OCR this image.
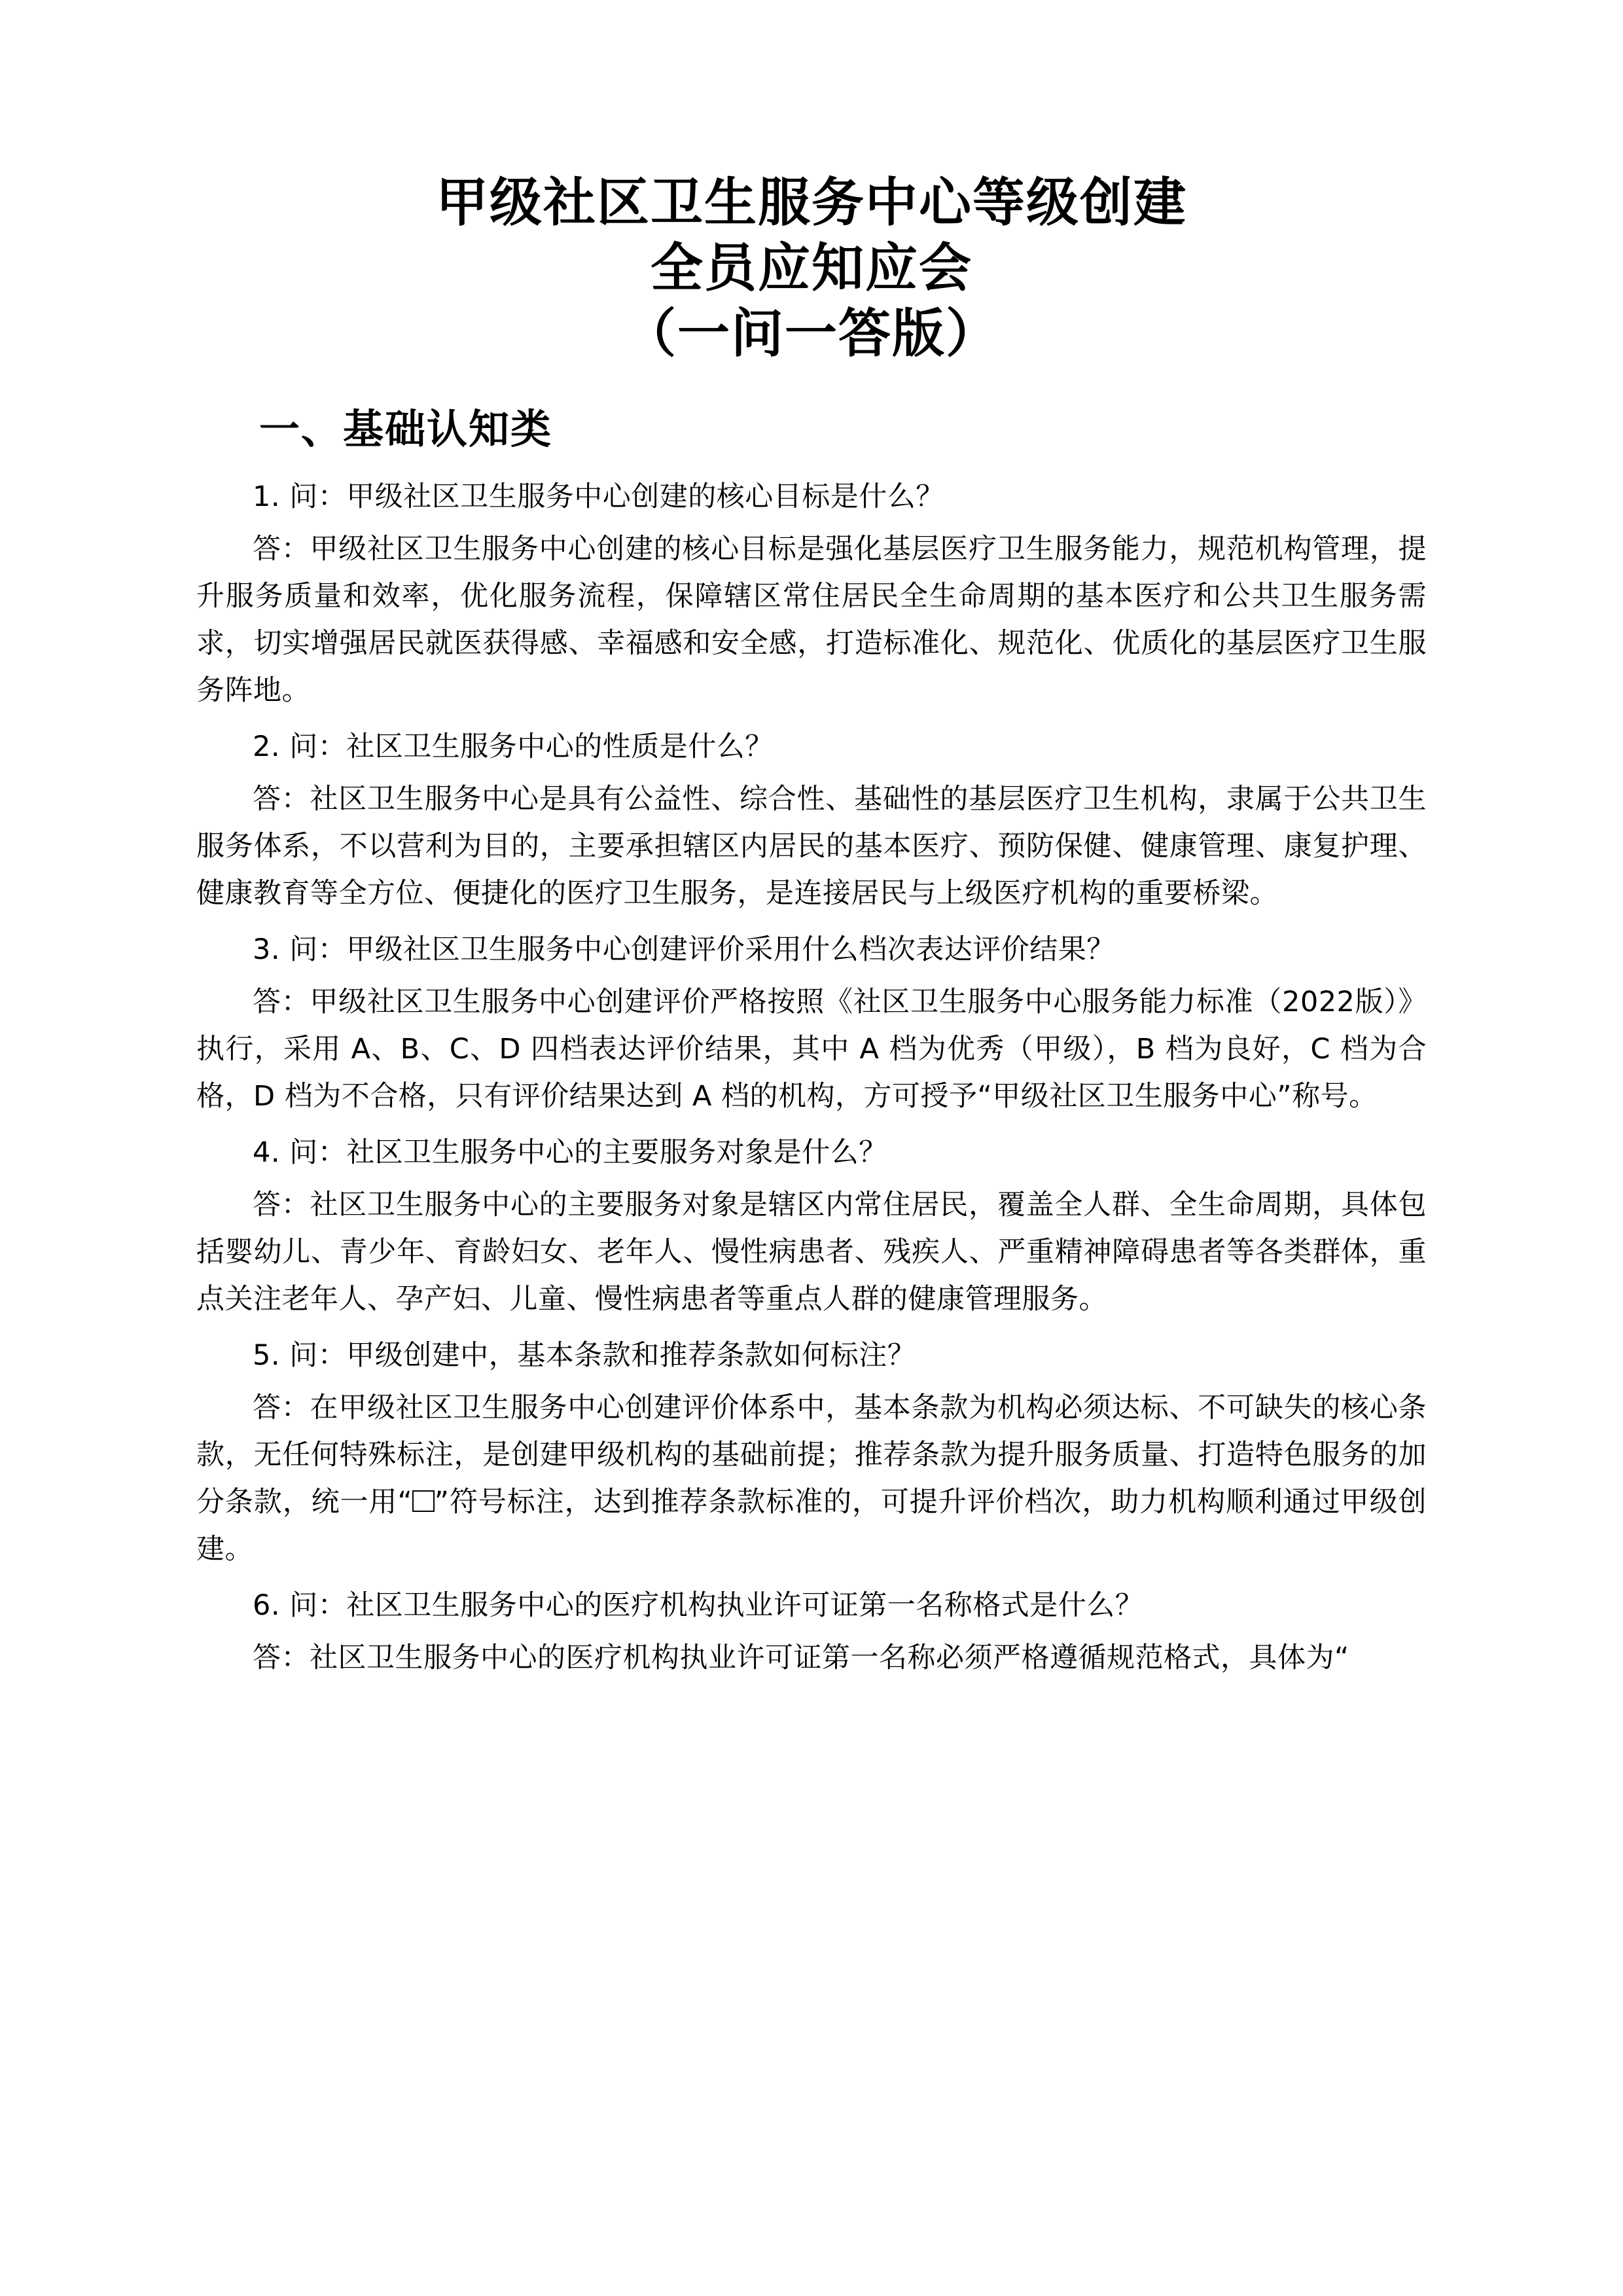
甲级社区卫生服务中心等级创建
全员应知应会
（一问一答版）
一、基础认知类

1. 问：甲级社区卫生服务中心创建的核心目标是什么？

答：甲级社区卫生服务中心创建的核心目标是强化基层医疗卫生服务能力，规范机构管理，提升服务质量和效率，优化服务流程，保障辖区常住居民全生命周期的基本医疗和公共卫生服务需求，切实增强居民就医获得感、幸福感和安全感，打造标准化、规范化、优质化的基层医疗卫生服务阵地。

2. 问：社区卫生服务中心的性质是什么？

答：社区卫生服务中心是具有公益性、综合性、基础性的基层医疗卫生机构，隶属于公共卫生服务体系，不以营利为目的，主要承担辖区内居民的基本医疗、预防保健、健康管理、康复护理、健康教育等全方位、便捷化的医疗卫生服务，是连接居民与上级医疗机构的重要桥梁。

3. 问：甲级社区卫生服务中心创建评价采用什么档次表达评价结果？

答：甲级社区卫生服务中心创建评价严格按照《社区卫生服务中心服务能力标准（2022版）》执行，采用 A、B、C、D 四档表达评价结果，其中 A 档为优秀（甲级），B 档为良好，C 档为合格，D 档为不合格，只有评价结果达到 A 档的机构，方可授予“甲级社区卫生服务中心”称号。

4. 问：社区卫生服务中心的主要服务对象是什么？

答：社区卫生服务中心的主要服务对象是辖区内常住居民，覆盖全人群、全生命周期，具体包括婴幼儿、青少年、育龄妇女、老年人、慢性病患者、残疾人、严重精神障碍患者等各类群体，重点关注老年人、孕产妇、儿童、慢性病患者等重点人群的健康管理服务。

5. 问：甲级创建中，基本条款和推荐条款如何标注？

答：在甲级社区卫生服务中心创建评价体系中，基本条款为机构必须达标、不可缺失的核心条款，无任何特殊标注，是创建甲级机构的基础前提；推荐条款为提升服务质量、打造特色服务的加分条款，统一用“ ”符号标注，达到推荐条款标准的，可提升评价档次，助力机构顺利通过甲级创建。

6. 问：社区卫生服务中心的医疗机构执业许可证第一名称格式是什么？

答：社区卫生服务中心的医疗机构执业许可证第一名称必须严格遵循规范格式，具体为“
